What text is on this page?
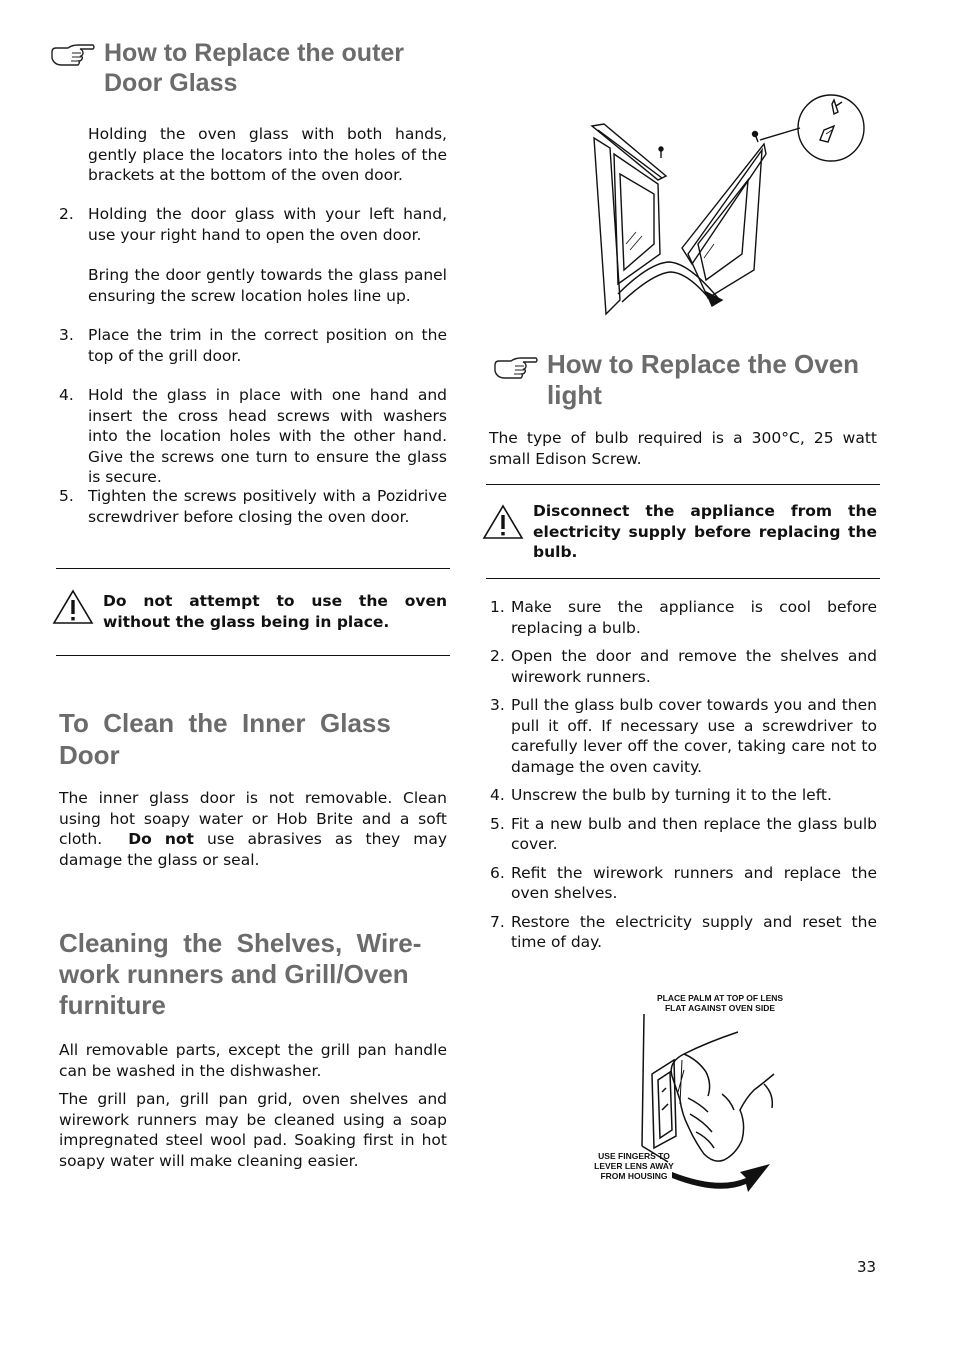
How to Replace the outer
Door Glass

Holding the oven glass with both hands, gently place the locators into the holes of the brackets at the bottom of the oven door.

2. Holding the door glass with your left hand, use your right hand to open the oven door.

Bring the door gently towards the glass panel ensuring the screw location holes line up.

3. Place the trim in the correct position on the top of the grill door.

4. Hold the glass in place with one hand and insert the cross head screws with washers into the location holes with the other hand. Give the screws one turn to ensure the glass is secure.

5. Tighten the screws positively with a Pozidrive screwdriver before closing the oven door.

Do not attempt to use the oven without the glass being in place.

To  Clean  the  Inner  Glass
Door

The inner glass door is not removable. Clean using hot soapy water or Hob Brite and a soft cloth. Do not use abrasives as they may damage the glass or seal.

Cleaning  the  Shelves,  Wire-
work runners and Grill/Oven
furniture

All removable parts, except the grill pan handle can be washed in the dishwasher.

The grill pan, grill pan grid, oven shelves and wirework runners may be cleaned using a soap impregnated steel wool pad. Soaking first in hot soapy water will make cleaning easier.

How to Replace the Oven
light

The type of bulb required is a 300°C, 25 watt small Edison Screw.

Disconnect the appliance from the electricity supply before replacing the bulb.

1. Make sure the appliance is cool before replacing a bulb.
2. Open the door and remove the shelves and wirework runners.
3. Pull the glass bulb cover towards you and then pull it off. If necessary use a screwdriver to carefully lever off the cover, taking care not to damage the oven cavity.
4. Unscrew the bulb by turning it to the left.
5. Fit a new bulb and then replace the glass bulb cover.
6. Refit the wirework runners and replace the oven shelves.
7. Restore the electricity supply and reset the time of day.
PLACE PALM AT TOP OF LENS
FLAT AGAINST OVEN SIDE
USE FINGERS TO
LEVER LENS AWAY
FROM HOUSING
33
